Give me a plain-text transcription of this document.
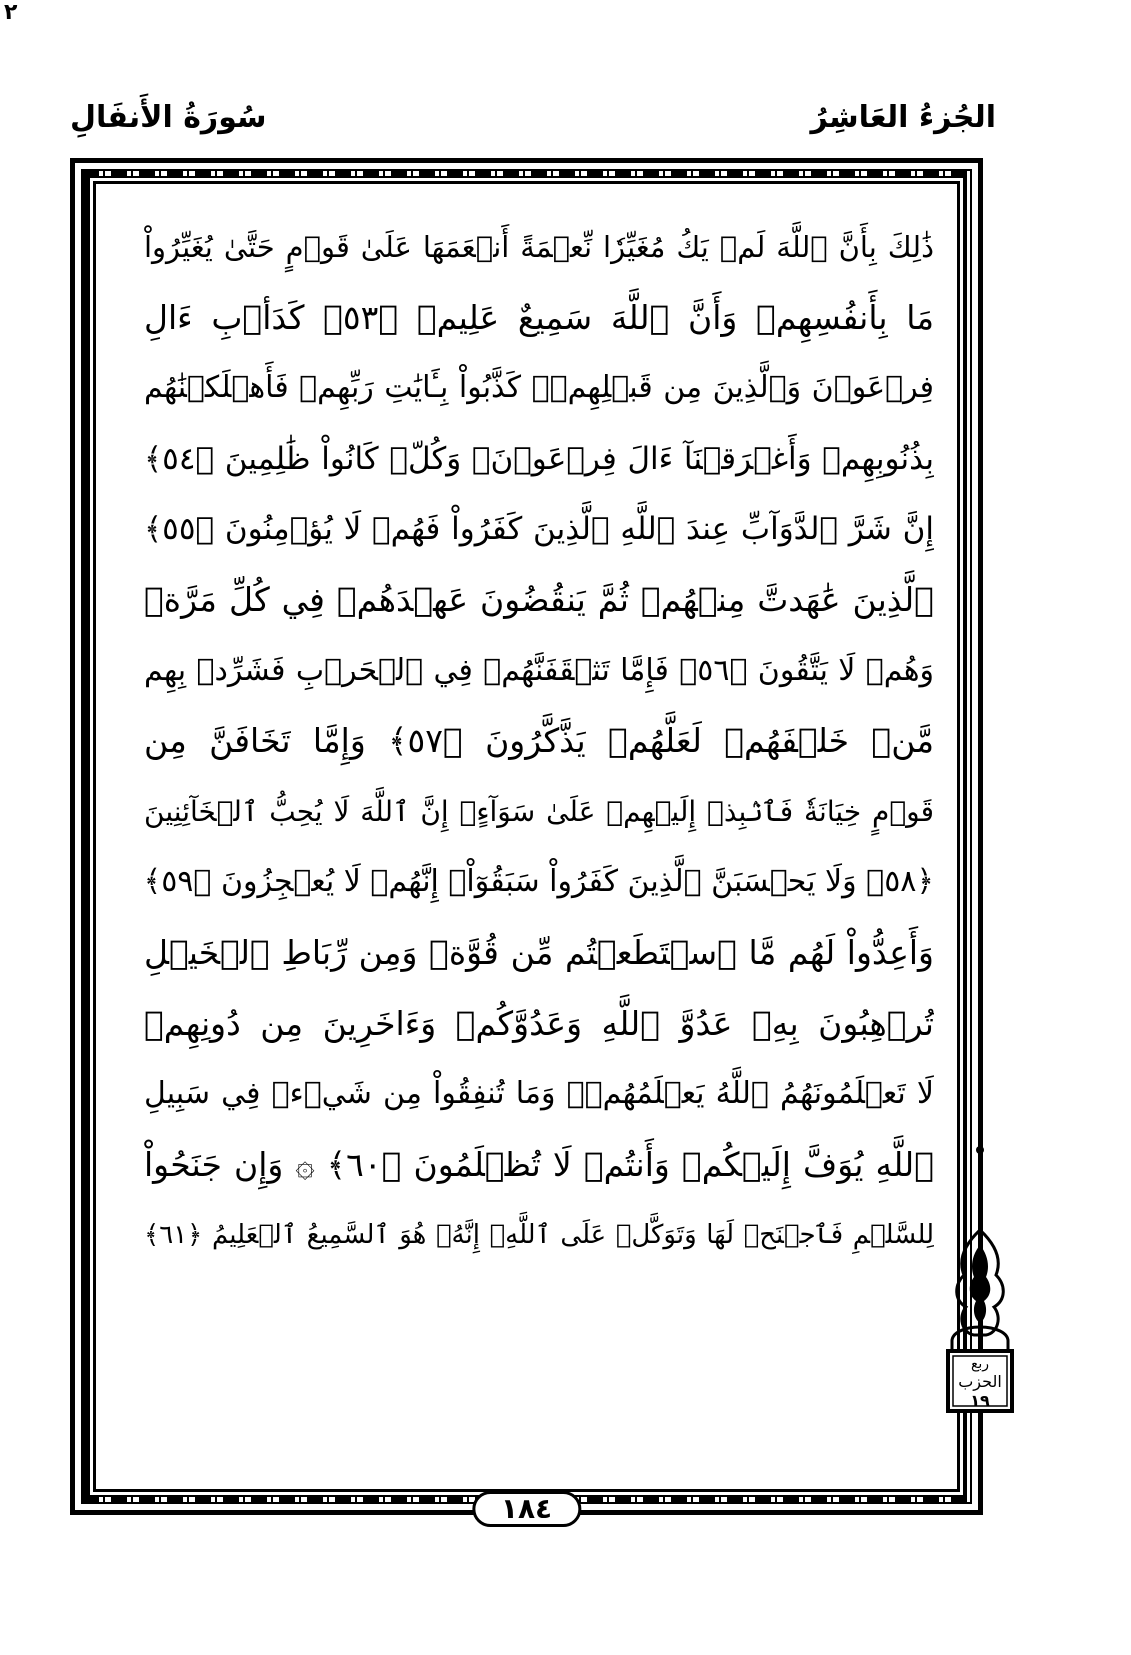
٢
سُورَةُ الأَنفَالِ	الجُزءُ العَاشِرُ
ذَٰلِكَ بِأَنَّ ٱللَّهَ لَمۡ يَكُ مُغَيِّرٗا نِّعۡمَةً أَنۡعَمَهَا عَلَىٰ قَوۡمٍ حَتَّىٰ يُغَيِّرُواْ
مَا بِأَنفُسِهِمۡ وَأَنَّ ٱللَّهَ سَمِيعٌ عَلِيمٞ ﴿٥٣﴾ كَدَأۡبِ ءَالِ
فِرۡعَوۡنَ وَٱلَّذِينَ مِن قَبۡلِهِمۡۚ كَذَّبُواْ بِـَٔايَٰتِ رَبِّهِمۡ فَأَهۡلَكۡنَٰهُم
بِذُنُوبِهِمۡ وَأَغۡرَقۡنَآ ءَالَ فِرۡعَوۡنَۚ وَكُلّٞ كَانُواْ ظَٰلِمِينَ ﴿٥٤﴾
إِنَّ شَرَّ ٱلدَّوَآبِّ عِندَ ٱللَّهِ ٱلَّذِينَ كَفَرُواْ فَهُمۡ لَا يُؤۡمِنُونَ ﴿٥٥﴾
ٱلَّذِينَ عَٰهَدتَّ مِنۡهُمۡ ثُمَّ يَنقُضُونَ عَهۡدَهُمۡ فِي كُلِّ مَرَّةٖ
وَهُمۡ لَا يَتَّقُونَ ﴿٥٦﴾ فَإِمَّا تَثۡقَفَنَّهُمۡ فِي ٱلۡحَرۡبِ فَشَرِّدۡ بِهِم
مَّنۡ خَلۡفَهُمۡ لَعَلَّهُمۡ يَذَّكَّرُونَ ﴿٥٧﴾ وَإِمَّا تَخَافَنَّ مِن
قَوۡمٍ خِيَانَةٗ فَٱنۢبِذۡ إِلَيۡهِمۡ عَلَىٰ سَوَآءٍۚ إِنَّ ٱللَّهَ لَا يُحِبُّ ٱلۡخَآئِنِينَ
﴿٥٨﴾ وَلَا يَحۡسَبَنَّ ٱلَّذِينَ كَفَرُواْ سَبَقُوٓاْۚ إِنَّهُمۡ لَا يُعۡجِزُونَ ﴿٥٩﴾
وَأَعِدُّواْ لَهُم مَّا ٱسۡتَطَعۡتُم مِّن قُوَّةٖ وَمِن رِّبَاطِ ٱلۡخَيۡلِ
تُرۡهِبُونَ بِهِۦ عَدُوَّ ٱللَّهِ وَعَدُوَّكُمۡ وَءَاخَرِينَ مِن دُونِهِمۡ
لَا تَعۡلَمُونَهُمُ ٱللَّهُ يَعۡلَمُهُمۡۚ وَمَا تُنفِقُواْ مِن شَيۡءٖ فِي سَبِيلِ
ٱللَّهِ يُوَفَّ إِلَيۡكُمۡ وَأَنتُمۡ لَا تُظۡلَمُونَ ﴿٦٠﴾ ۞ وَإِن جَنَحُواْ
لِلسَّلۡمِ فَٱجۡنَحۡ لَهَا وَتَوَكَّلۡ عَلَى ٱللَّهِۚ إِنَّهُۥ هُوَ ٱلسَّمِيعُ ٱلۡعَلِيمُ ﴿٦١﴾
١٨٤
ربع
الحزب
١٩
